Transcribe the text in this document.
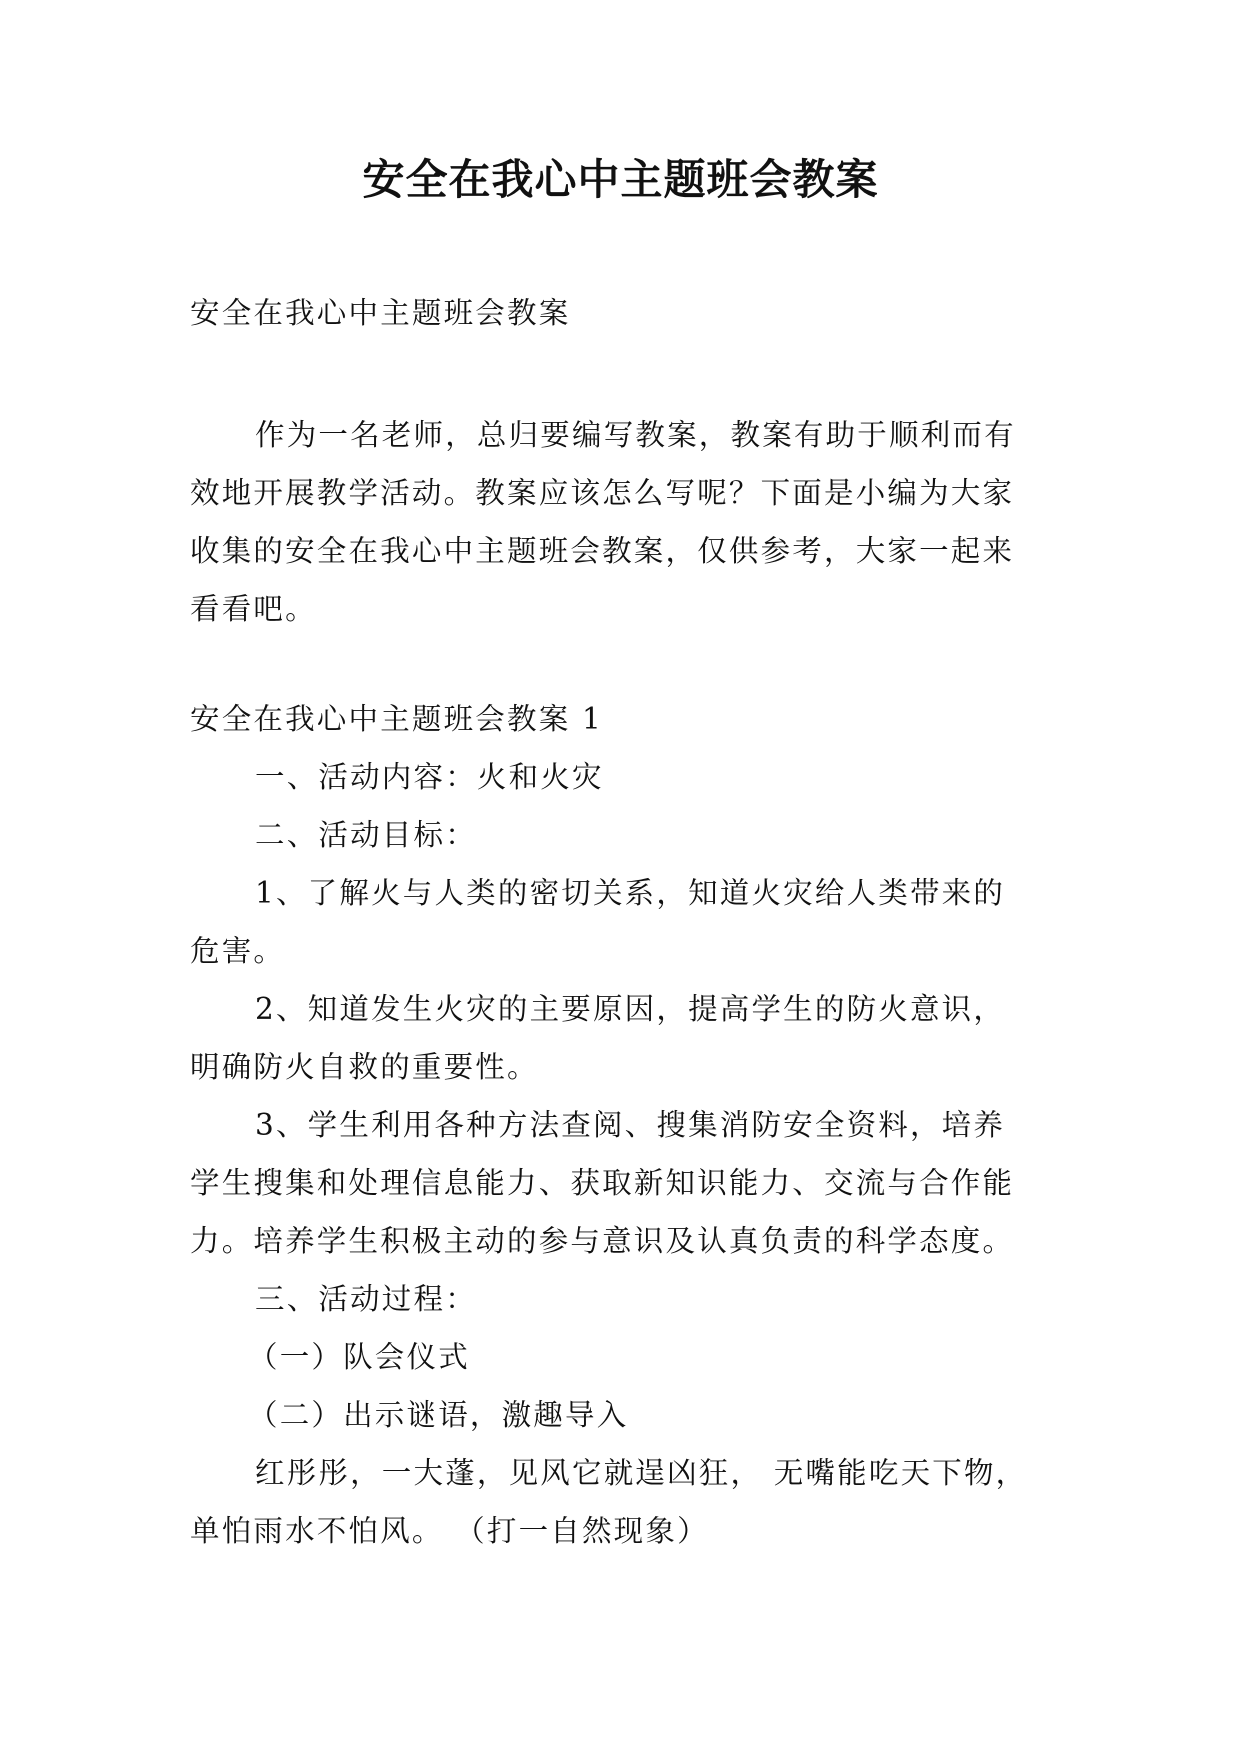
安全在我心中主题班会教案

安全在我心中主题班会教案

作为一名老师，总归要编写教案，教案有助于顺利而有
效地开展教学活动。教案应该怎么写呢？下面是小编为大家
收集的安全在我心中主题班会教案，仅供参考，大家一起来
看看吧。

安全在我心中主题班会教案 1

一、活动内容：火和火灾

二、活动目标：

1、了解火与人类的密切关系，知道火灾给人类带来的
危害。

2、知道发生火灾的主要原因，提高学生的防火意识，
明确防火自救的重要性。

3、学生利用各种方法查阅、搜集消防安全资料，培养
学生搜集和处理信息能力、获取新知识能力、交流与合作能
力。培养学生积极主动的参与意识及认真负责的科学态度。

三、活动过程：

（一）队会仪式

（二）出示谜语，激趣导入

红彤彤，一大蓬，见风它就逞凶狂， 无嘴能吃天下物，
单怕雨水不怕风。 （打一自然现象）
